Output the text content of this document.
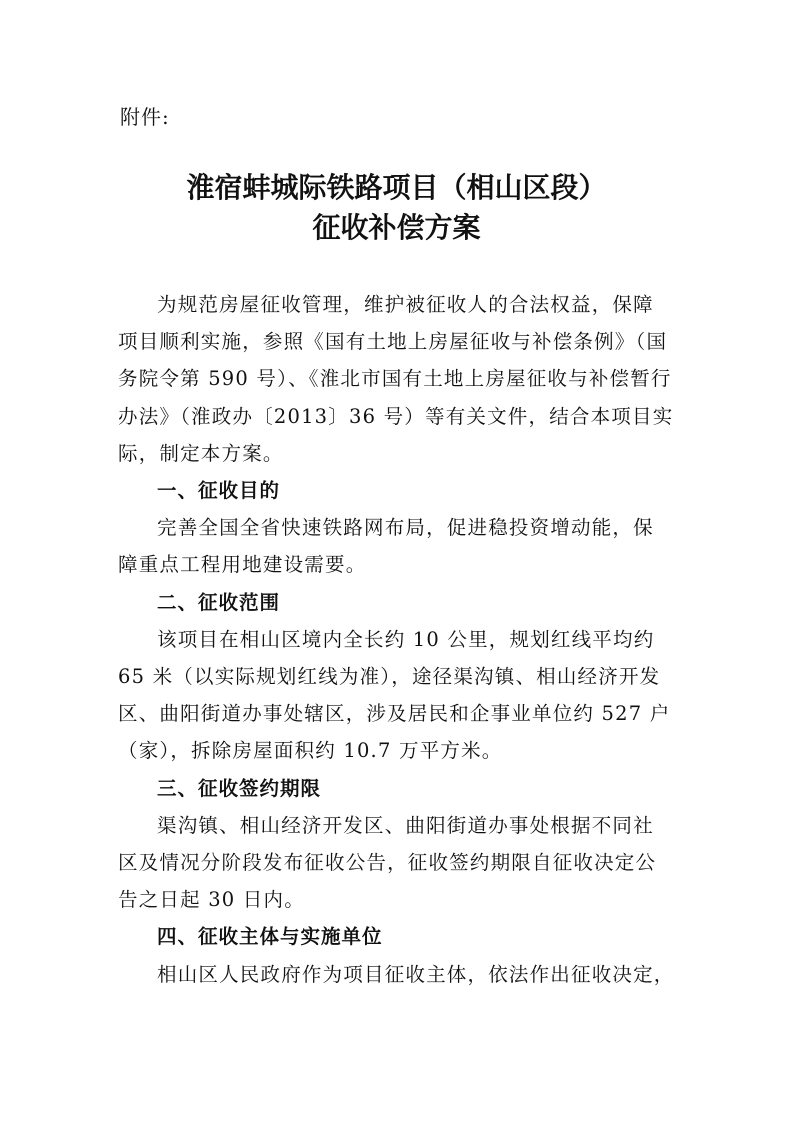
附件:
淮宿蚌城际铁路项目（相山区段）
征收补偿方案

为规范房屋征收管理，维护被征收人的合法权益，保障
项目顺利实施，参照《国有土地上房屋征收与补偿条例》（国
务院令第 590 号）、《淮北市国有土地上房屋征收与补偿暂行
办法》（淮政办〔2013〕36 号）等有关文件，结合本项目实
际，制定本方案。

一、征收目的

完善全国全省快速铁路网布局，促进稳投资增动能，保
障重点工程用地建设需要。

二、征收范围

该项目在相山区境内全长约 10 公里，规划红线平均约
65 米（以实际规划红线为准），途径渠沟镇、相山经济开发
区、曲阳街道办事处辖区，涉及居民和企事业单位约 527 户
（家），拆除房屋面积约 10.7 万平方米。

三、征收签约期限

渠沟镇、相山经济开发区、曲阳街道办事处根据不同社
区及情况分阶段发布征收公告，征收签约期限自征收决定公
告之日起 30 日内。

四、征收主体与实施单位

相山区人民政府作为项目征收主体，依法作出征收决定，
